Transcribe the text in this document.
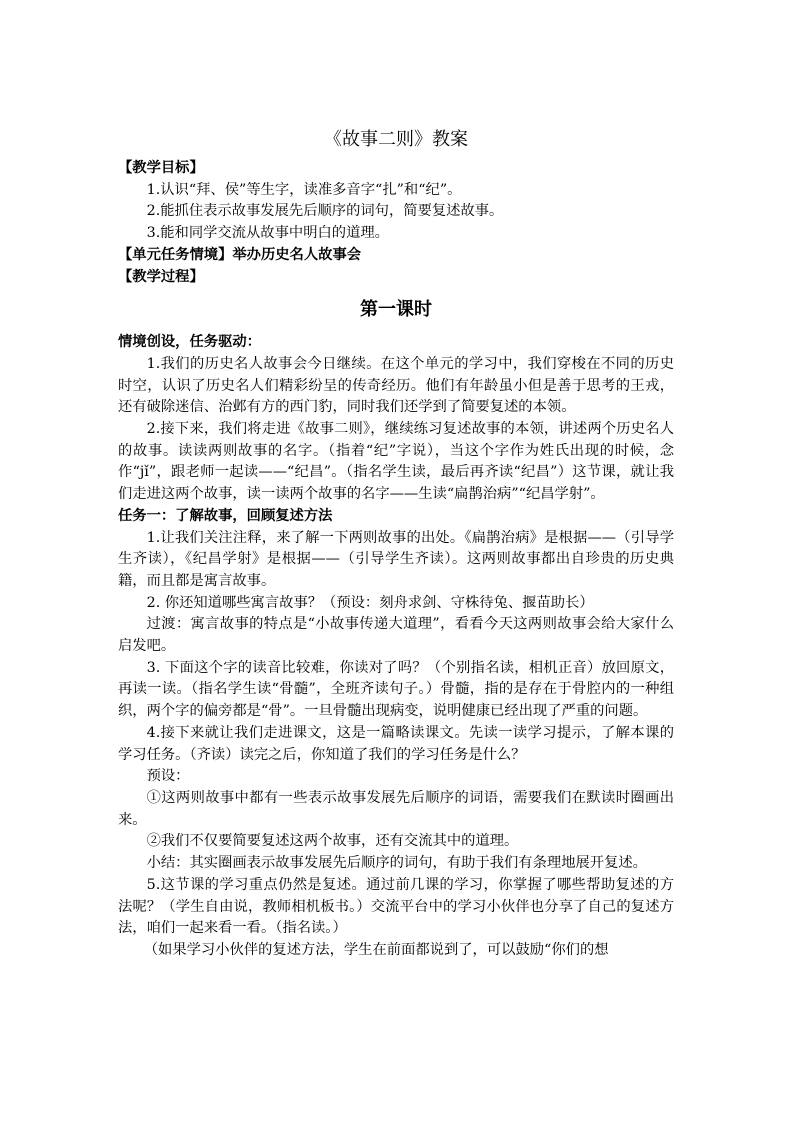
《故事二则》教案

【教学目标】

1.认识“拜、侯”等生字，读准多音字“扎”和“纪”。

2.能抓住表示故事发展先后顺序的词句，简要复述故事。

3.能和同学交流从故事中明白的道理。

【单元任务情境】举办历史名人故事会

【教学过程】

第一课时

情境创设，任务驱动：

1.我们的历史名人故事会今日继续。在这个单元的学习中，我们穿梭在不同的历史时空，认识了历史名人们精彩纷呈的传奇经历。他们有年龄虽小但是善于思考的王戎，还有破除迷信、治邺有方的西门豹，同时我们还学到了简要复述的本领。

2.接下来，我们将走进《故事二则》，继续练习复述故事的本领，讲述两个历史名人的故事。读读两则故事的名字。（指着“纪”字说），当这个字作为姓氏出现的时候，念作“jǐ”，跟老师一起读——“纪昌”。（指名学生读，最后再齐读“纪昌”）这节课，就让我们走进这两个故事，读一读两个故事的名字——生读“扁鹊治病”“纪昌学射”。

任务一：了解故事，回顾复述方法

1.让我们关注注释，来了解一下两则故事的出处。《扁鹊治病》是根据——（引导学生齐读），《纪昌学射》是根据——（引导学生齐读）。这两则故事都出自珍贵的历史典籍，而且都是寓言故事。

2. 你还知道哪些寓言故事？（预设：刻舟求剑、守株待兔、揠苗助长）

过渡：寓言故事的特点是“小故事传递大道理”，看看今天这两则故事会给大家什么启发吧。

3. 下面这个字的读音比较难，你读对了吗？（个别指名读，相机正音）放回原文，再读一读。（指名学生读“骨髓”，全班齐读句子。）骨髓，指的是存在于骨腔内的一种组织，两个字的偏旁都是“骨”。一旦骨髓出现病变，说明健康已经出现了严重的问题。

4.接下来就让我们走进课文，这是一篇略读课文。先读一读学习提示，了解本课的学习任务。（齐读）读完之后，你知道了我们的学习任务是什么？

预设：

①这两则故事中都有一些表示故事发展先后顺序的词语，需要我们在默读时圈画出来。

②我们不仅要简要复述这两个故事，还有交流其中的道理。

小结：其实圈画表示故事发展先后顺序的词句，有助于我们有条理地展开复述。

5.这节课的学习重点仍然是复述。通过前几课的学习，你掌握了哪些帮助复述的方法呢？（学生自由说，教师相机板书。）交流平台中的学习小伙伴也分享了自己的复述方法，咱们一起来看一看。（指名读。）

（如果学习小伙伴的复述方法，学生在前面都说到了，可以鼓励“你们的想
